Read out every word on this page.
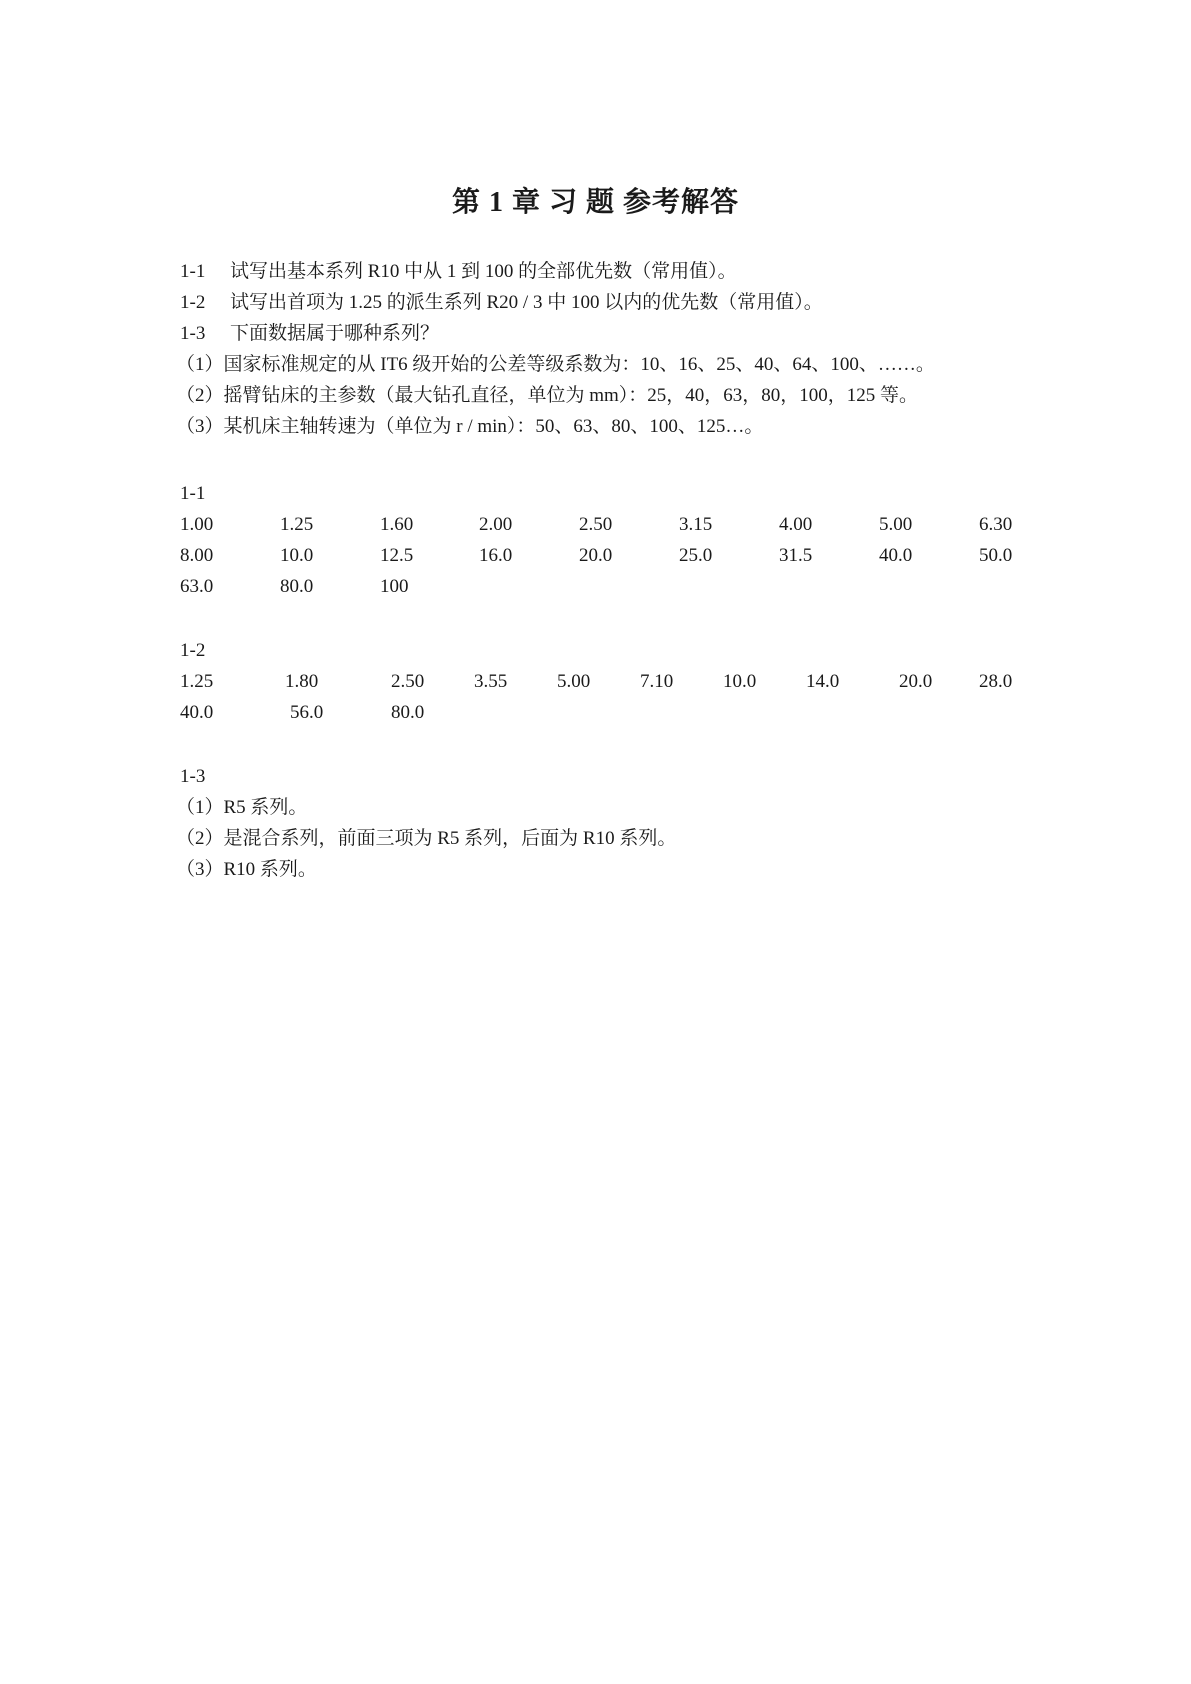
第 1 章 习 题 参考解答
1-1 试写出基本系列 R10 中从 1 到 100 的全部优先数（常用值）。
1-2 试写出首项为 1.25 的派生系列 R20 / 3 中 100 以内的优先数（常用值）。
1-3 下面数据属于哪种系列？
（1）国家标准规定的从 IT6 级开始的公差等级系数为：10、16、25、40、64、100、……。
（2）摇臂钻床的主参数（最大钻孔直径，单位为 mm）：25，40，63，80，100，125 等。
（3）某机床主轴转速为（单位为 r / min）：50、63、80、100、125…。
1-1
1.00	1.25	1.60	2.00	2.50	3.15	4.00	5.00	6.30
8.00	10.0	12.5	16.0	20.0	25.0	31.5	40.0	50.0
63.0	80.0	100
1-2
1.25	1.80	2.50	3.55	5.00	7.10	10.0	14.0	20.0 28.0
40.0	56.0	80.0
1-3
（1）R5 系列。
（2）是混合系列，前面三项为 R5 系列，后面为 R10 系列。
（3）R10 系列。
